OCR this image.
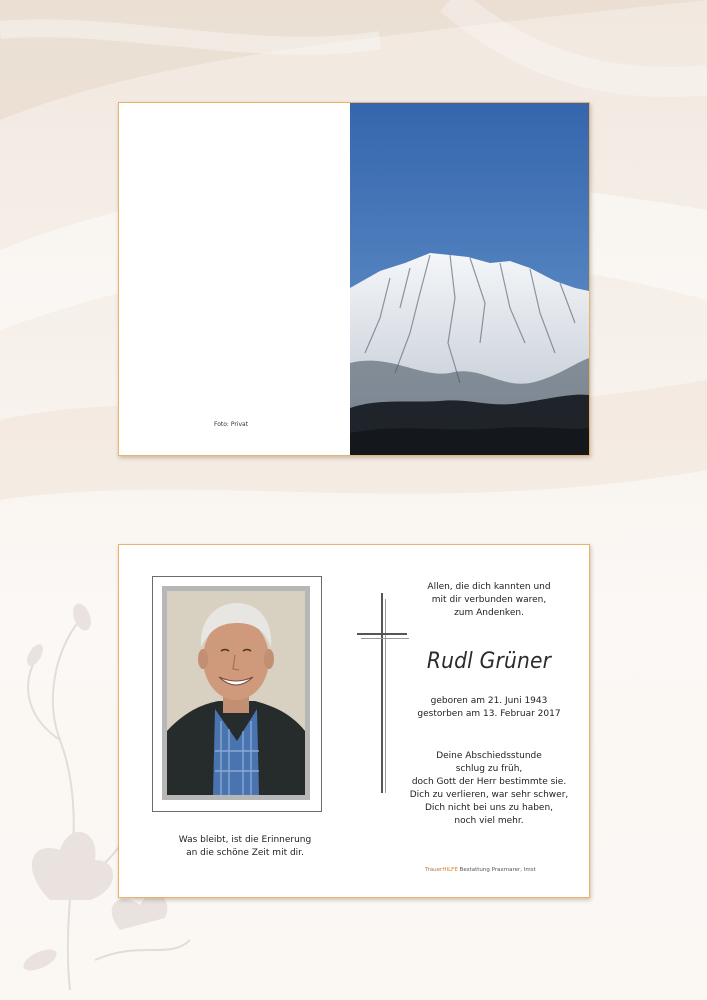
Foto: Privat
Was bleibt, ist die Erinnerung
an die schöne Zeit mit dir.
Allen, die dich kannten und
mit dir verbunden waren,
zum Andenken.
Rudl Grüner
geboren am 21. Juni 1943
gestorben am 13. Februar 2017
Deine Abschiedsstunde
schlug zu früh,
doch Gott der Herr bestimmte sie.
Dich zu verlieren, war sehr schwer,
Dich nicht bei uns zu haben,
noch viel mehr.
TrauerHILFE Bestattung Praxmarer, Imst
